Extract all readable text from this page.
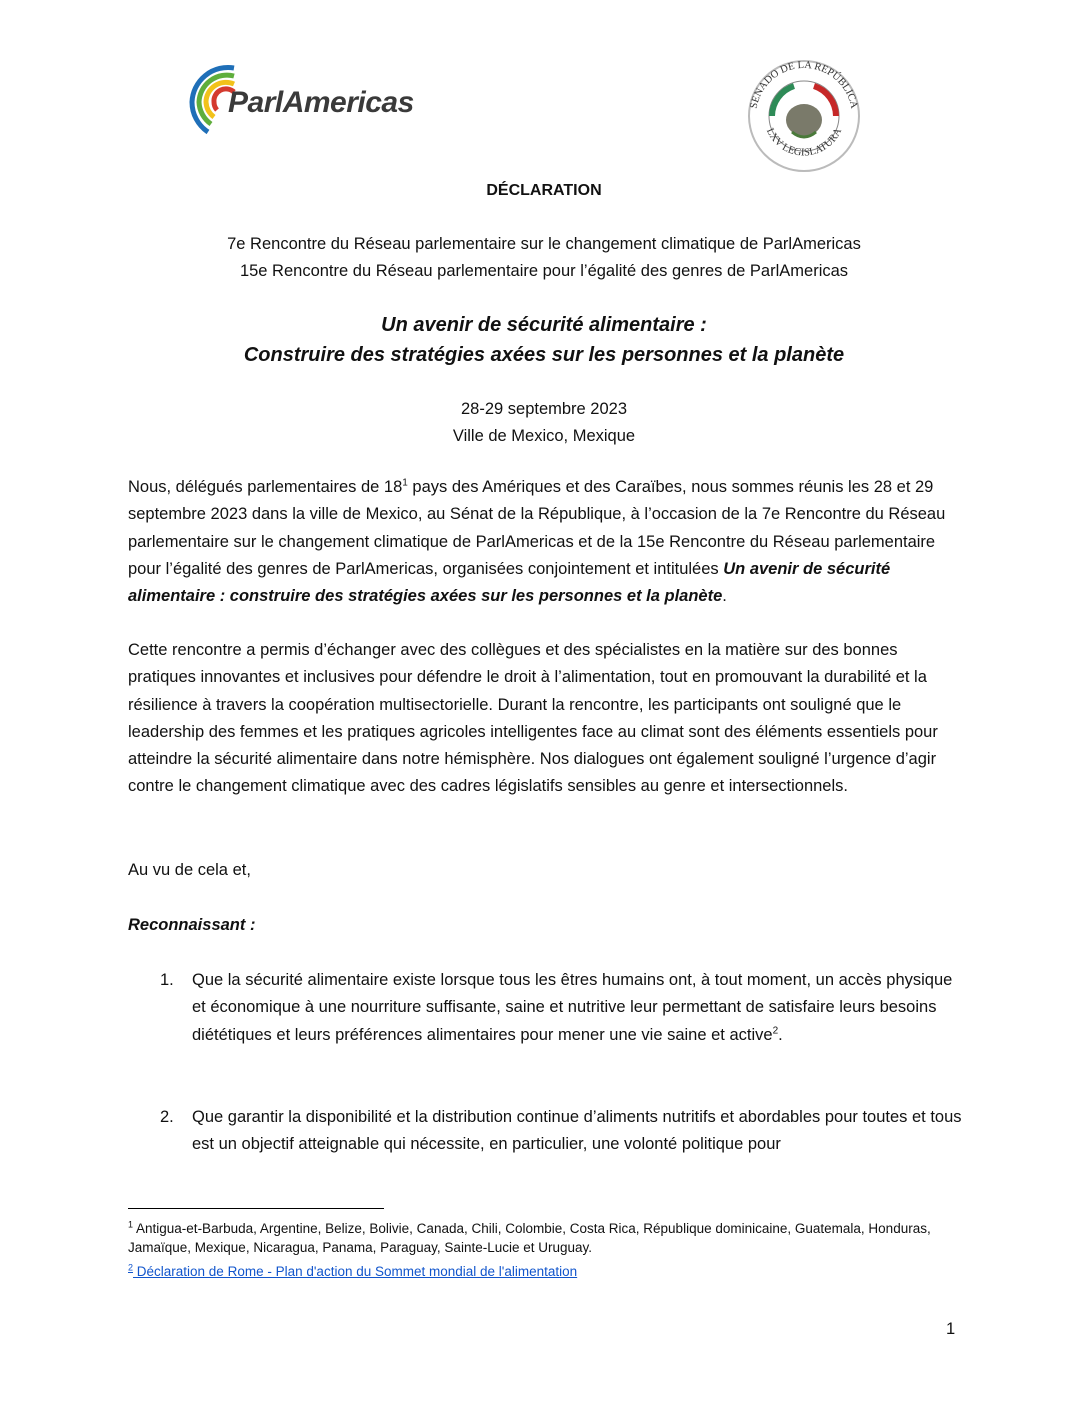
ParlAmericas	SENADO DE LA REPÚBLICA
LXV LEGISLATURA
DÉCLARATION
7e Rencontre du Réseau parlementaire sur le changement climatique de ParlAmericas
15e Rencontre du Réseau parlementaire pour l’égalité des genres de ParlAmericas
Un avenir de sécurité alimentaire :
Construire des stratégies axées sur les personnes et la planète
28-29 septembre 2023
Ville de Mexico, Mexique
Nous, délégués parlementaires de $18^1$ pays des Amériques et des Caraïbes, nous sommes réunis les 28 et 29 septembre 2023 dans la ville de Mexico, au Sénat de la République, à l’occasion de la 7e Rencontre du Réseau parlementaire sur le changement climatique de ParlAmericas et de la 15e Rencontre du Réseau parlementaire pour l’égalité des genres de ParlAmericas, organisées conjointement et intitulées Un avenir de sécurité alimentaire : construire des stratégies axées sur les personnes et la planète.
Cette rencontre a permis d’échanger avec des collègues et des spécialistes en la matière sur des bonnes pratiques innovantes et inclusives pour défendre le droit à l’alimentation, tout en promouvant la durabilité et la résilience à travers la coopération multisectorielle. Durant la rencontre, les participants ont souligné que le leadership des femmes et les pratiques agricoles intelligentes face au climat sont des éléments essentiels pour atteindre la sécurité alimentaire dans notre hémisphère. Nos dialogues ont également souligné l’urgence d’agir contre le changement climatique avec des cadres législatifs sensibles au genre et intersectionnels.
Au vu de cela et,
Reconnaissant :
1. Que la sécurité alimentaire existe lorsque tous les êtres humains ont, à tout moment, un accès physique et économique à une nourriture suffisante, saine et nutritive leur permettant de satisfaire leurs besoins diététiques et leurs préférences alimentaires pour mener une vie saine et active$^2$.
2. Que garantir la disponibilité et la distribution continue d’aliments nutritifs et abordables pour toutes et tous est un objectif atteignable qui nécessite, en particulier, une volonté politique pour
$^1$ Antigua-et-Barbuda, Argentine, Belize, Bolivie, Canada, Chili, Colombie, Costa Rica, République dominicaine, Guatemala, Honduras, Jamaïque, Mexique, Nicaragua, Panama, Paraguay, Sainte-Lucie et Uruguay.
$^2$ Déclaration de Rome - Plan d'action du Sommet mondial de l'alimentation
1
